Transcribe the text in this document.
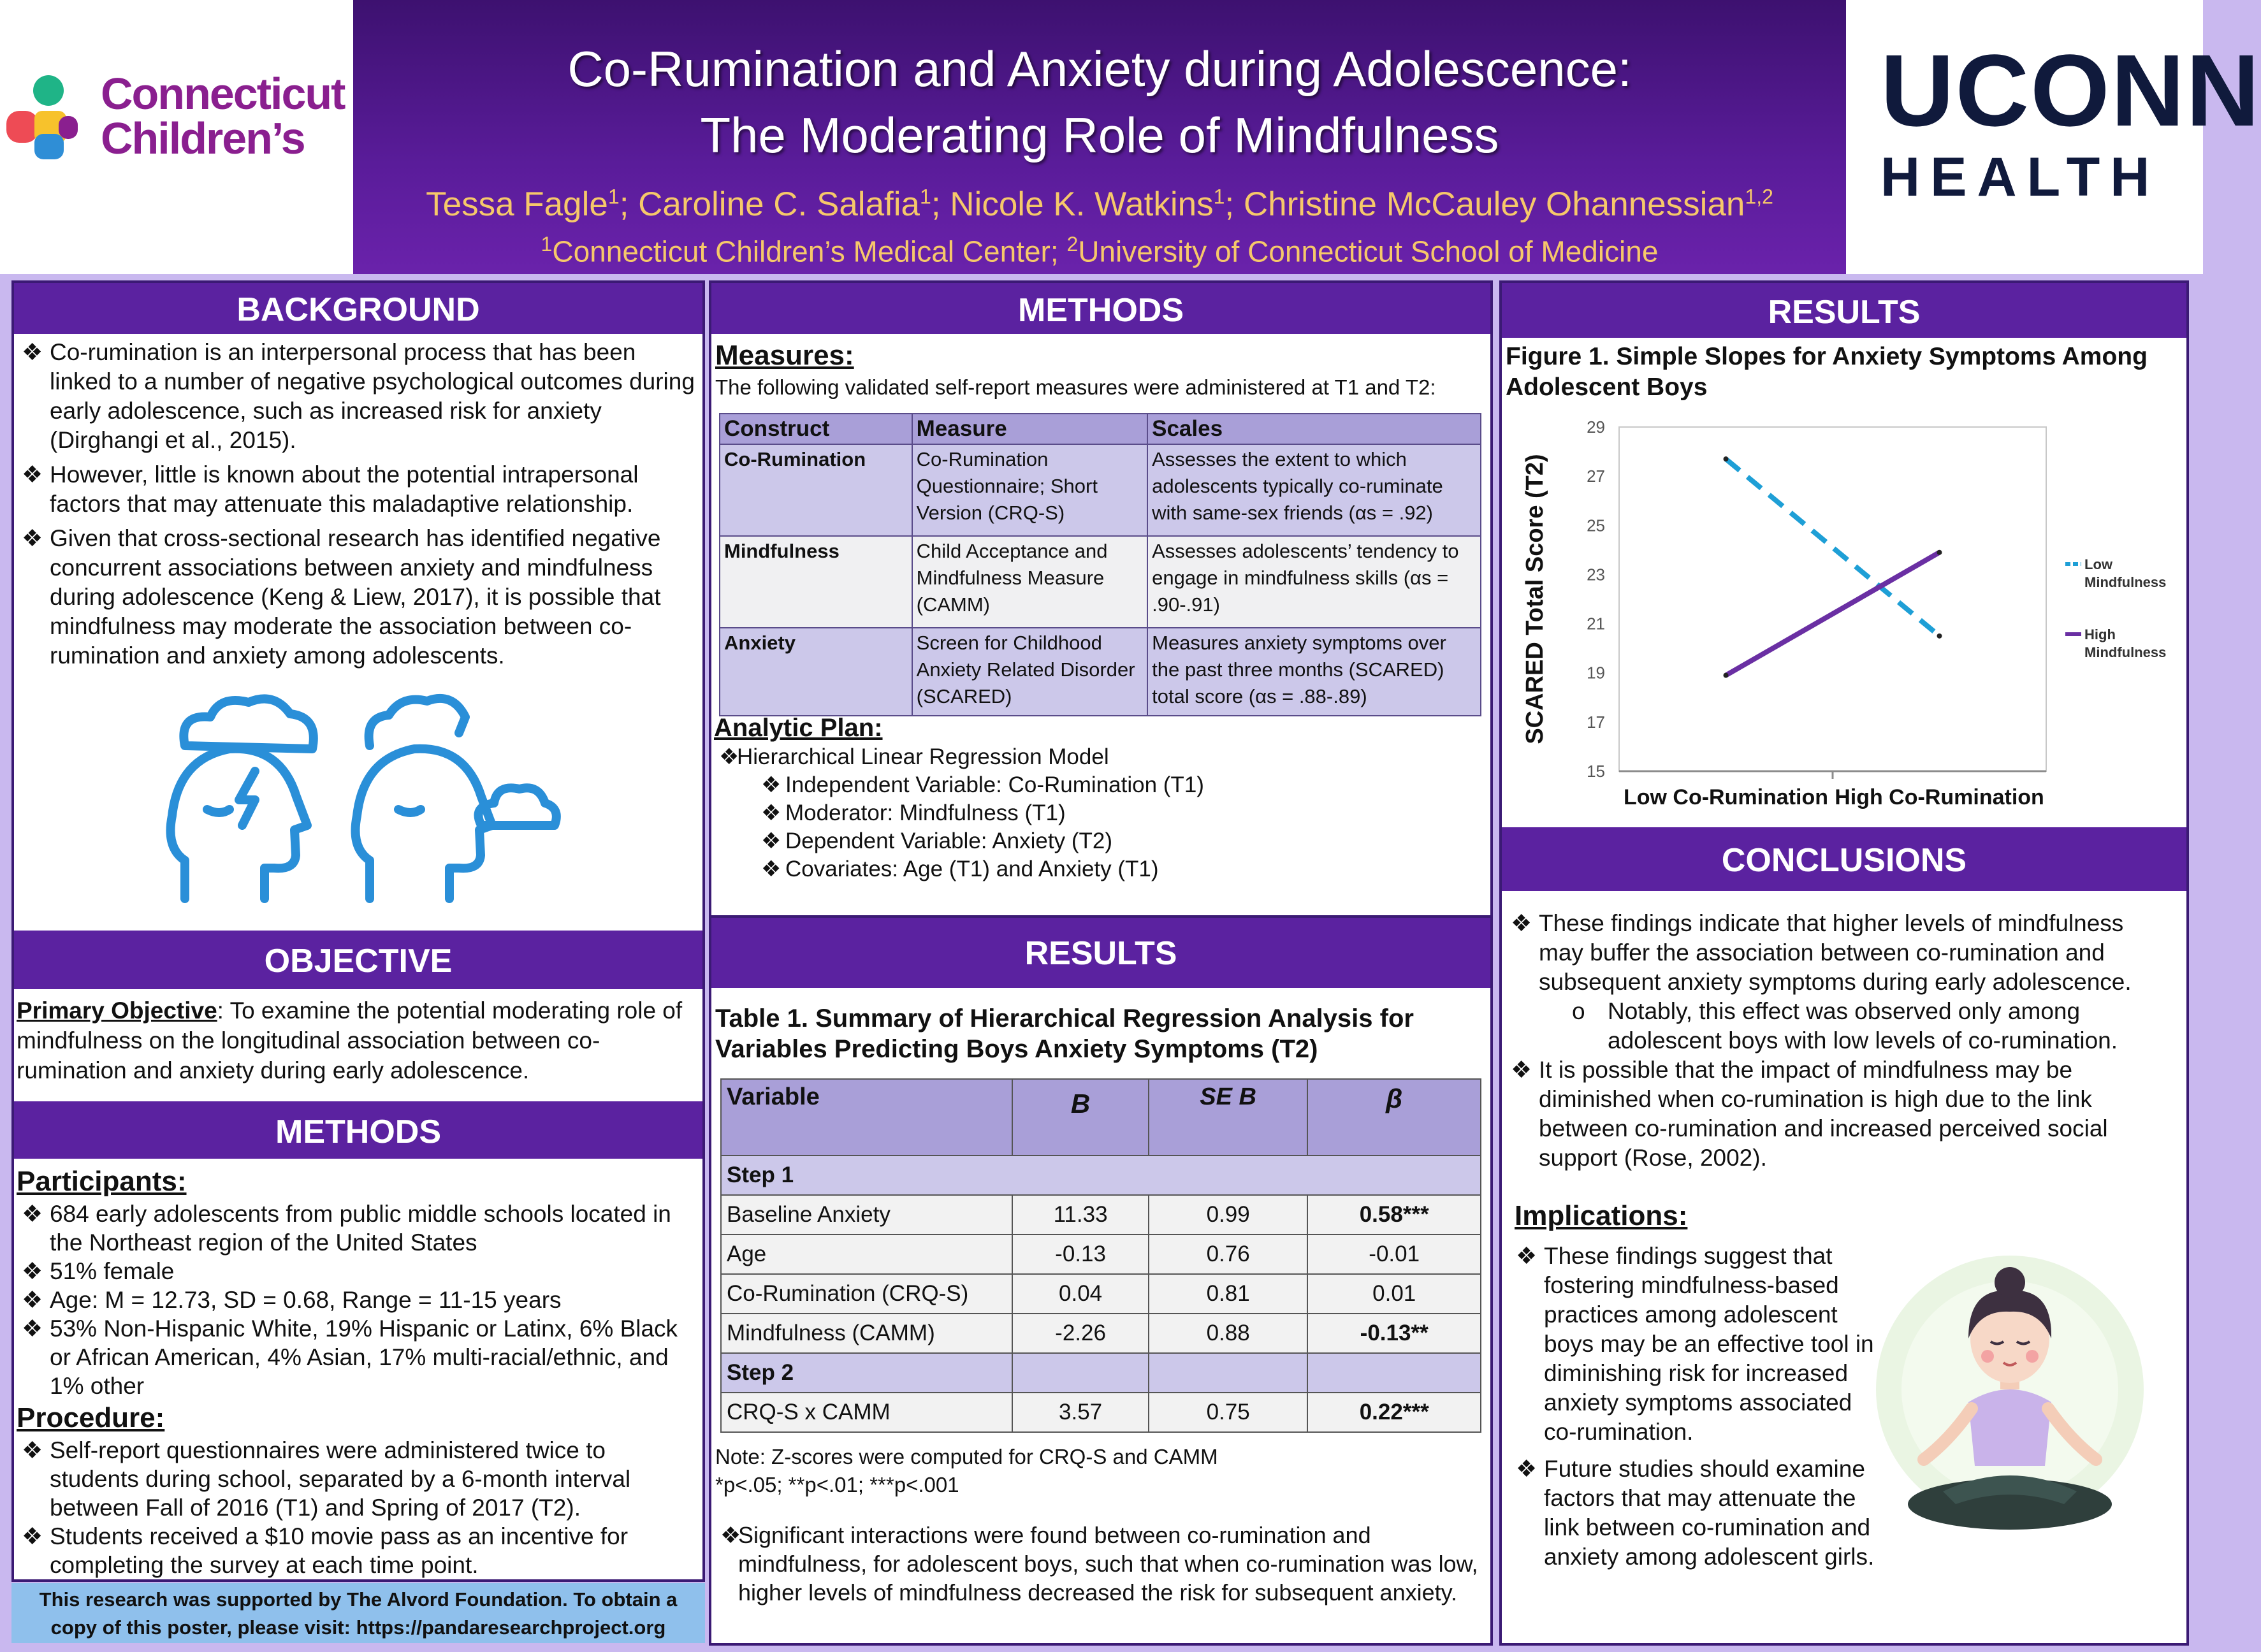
Connecticut
Children’s	UCONN
HEALTH
Co-Rumination and Anxiety during Adolescence:
The Moderating Role of Mindfulness
Tessa Fagle$^1$; Caroline C. Salafia$^1$; Nicole K. Watkins$^1$; Christine McCauley Ohannessian$^{1,2}$
$^1$Connecticut Children’s Medical Center; $^2$University of Connecticut School of Medicine
BACKGROUND
❖ Co-rumination is an interpersonal process that has been linked to a number of negative psychological outcomes during early adolescence, such as increased risk for anxiety (Dirghangi et al., 2015).
❖ However, little is known about the potential intrapersonal factors that may attenuate this maladaptive relationship.
❖ Given that cross-sectional research has identified negative concurrent associations between anxiety and mindfulness during adolescence (Keng & Liew, 2017), it is possible that mindfulness may moderate the association between co-rumination and anxiety among adolescents.
OBJECTIVE
Primary Objective: To examine the potential moderating role of mindfulness on the longitudinal association between co-rumination and anxiety during early adolescence.
METHODS
Participants:
❖ 684 early adolescents from public middle schools located in the Northeast region of the United States
❖ 51% female
❖ Age: M = 12.73, SD = 0.68, Range = 11-15 years
❖ 53% Non-Hispanic White, 19% Hispanic or Latinx, 6% Black or African American, 4% Asian, 17% multi-racial/ethnic, and 1% other
Procedure:
❖ Self-report questionnaires were administered twice to students during school, separated by a 6-month interval between Fall of 2016 (T1) and Spring of 2017 (T2).
❖ Students received a $10 movie pass as an incentive for completing the survey at each time point.
This research was supported by The Alvord Foundation. To obtain a
copy of this poster, please visit: https://pandaresearchproject.org
METHODS
Measures:
The following validated self-report measures were administered at T1 and T2:
Construct	Measure	Scales
Co-Rumination	Co-Rumination Questionnaire; Short Version (CRQ-S)	Assesses the extent to which adolescents typically co-ruminate with same-sex friends (αs = .92)
Mindfulness	Child Acceptance and Mindfulness Measure (CAMM)	Assesses adolescents’ tendency to engage in mindfulness skills (αs = .90-.91)
Anxiety	Screen for Childhood Anxiety Related Disorder (SCARED)	Measures anxiety symptoms over the past three months (SCARED) total score (αs = .88-.89)
Analytic Plan:
❖ Hierarchical Linear Regression Model
❖ Independent Variable: Co-Rumination (T1)
❖ Moderator: Mindfulness (T1)
❖ Dependent Variable: Anxiety (T2)
❖ Covariates: Age (T1) and Anxiety (T1)
RESULTS
Table 1. Summary of Hierarchical Regression Analysis for Variables Predicting Boys Anxiety Symptoms (T2)
Variable	B	SE B	β
Step 1			
Baseline Anxiety	11.33	0.99	0.58***
Age	-0.13	0.76	-0.01
Co-Rumination (CRQ-S)	0.04	0.81	0.01
Mindfulness (CAMM)	-2.26	0.88	-0.13**
Step 2			
CRQ-S x CAMM	3.57	0.75	0.22***
Note: Z-scores were computed for CRQ-S and CAMM
*p<.05; **p<.01; ***p<.001
❖ Significant interactions were found between co-rumination and mindfulness, for adolescent boys, such that when co-rumination was low, higher levels of mindfulness decreased the risk for subsequent anxiety.
RESULTS
Figure 1. Simple Slopes for Anxiety Symptoms Among Adolescent Boys
15
17
19
21
23
25
27
29
Low Co-Rumination High Co-Rumination
SCARED Total Score (T2)	Low
Mindfulness
High
Mindfulness
CONCLUSIONS
❖ These findings indicate that higher levels of mindfulness may buffer the association between co-rumination and subsequent anxiety symptoms during early adolescence.
o Notably, this effect was observed only among adolescent boys with low levels of co-rumination.
❖ It is possible that the impact of mindfulness may be diminished when co-rumination is high due to the link between co-rumination and increased perceived social support (Rose, 2002).
Implications:
❖ These findings suggest that fostering mindfulness-based practices among adolescent boys may be an effective tool in diminishing risk for increased anxiety symptoms associated co-rumination.
❖ Future studies should examine factors that may attenuate the link between co-rumination and anxiety among adolescent girls.
